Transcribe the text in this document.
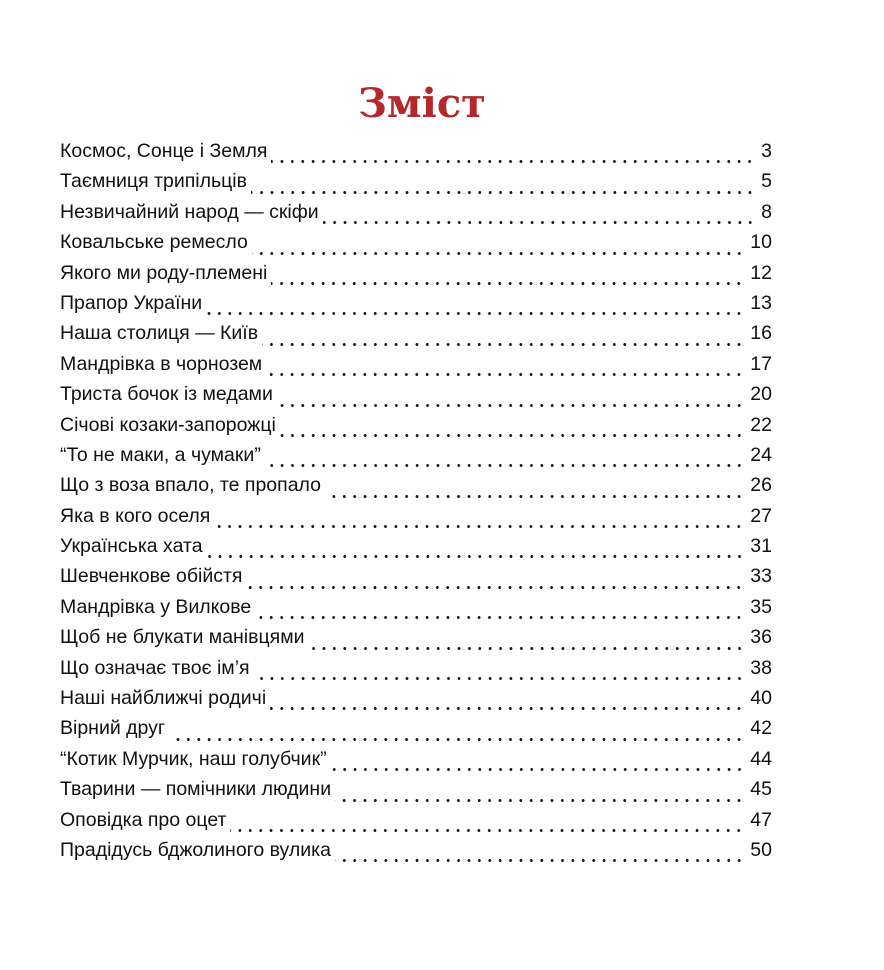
Зміст
Космос, Сонце і Земля	3
Таємниця трипільців	5
Незвичайний народ — скіфи	8
Ковальське ремесло	10
Якого ми роду-племені	12
Прапор України	13
Наша столиця — Київ	16
Мандрівка в чорнозем	17
Триста бочок із медами	20
Січові козаки-запорожці	22
“То не маки, а чумаки”	24
Що з воза впало, те пропало	26
Яка в кого оселя	27
Українська хата	31
Шевченкове обійстя	33
Мандрівка у Вилкове	35
Щоб не блукати манівцями	36
Що означає твоє ім’я	38
Наші найближчі родичі	40
Вірний друг	42
“Котик Мурчик, наш голубчик”	44
Тварини — помічники людини	45
Оповідка про оцет	47
Прадідусь бджолиного вулика	50
